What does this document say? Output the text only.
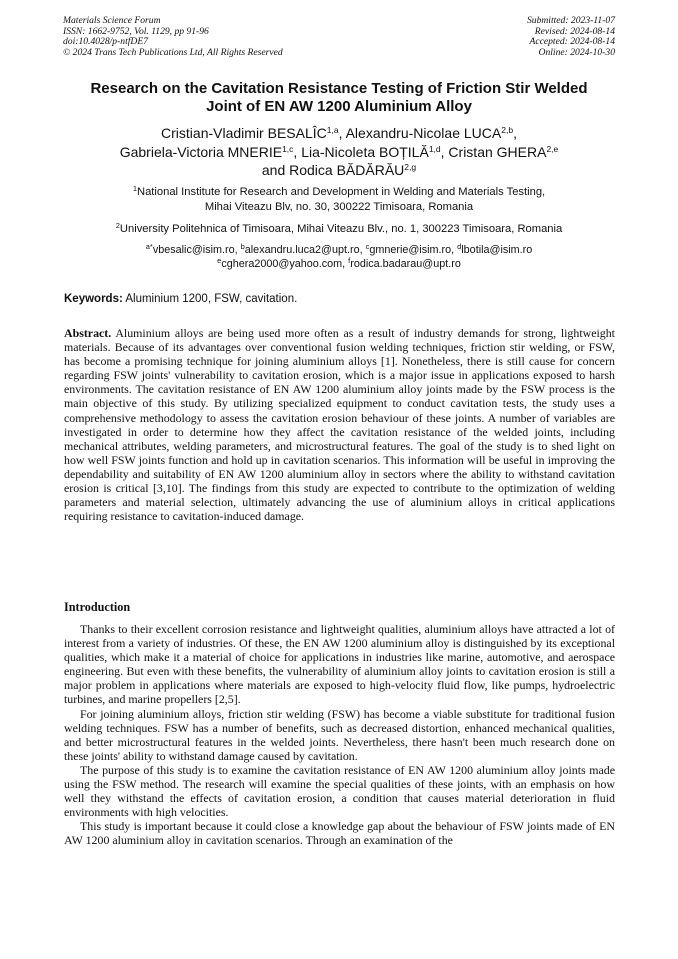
Materials Science Forum
ISSN: 1662-9752, Vol. 1129, pp 91-96
doi:10.4028/p-ntfDE7
© 2024 Trans Tech Publications Ltd, All Rights Reserved
Submitted: 2023-11-07
Revised: 2024-08-14
Accepted: 2024-08-14
Online: 2024-10-30
Research on the Cavitation Resistance Testing of Friction Stir Welded
Joint of EN AW 1200 Aluminium Alloy
Cristian-Vladimir BESALÎC$^{1,a}$, Alexandru-Nicolae LUCA$^{2,b}$,
Gabriela-Victoria MNERIE$^{1,c}$, Lia-Nicoleta BOȚILĂ$^{1,d}$, Cristan GHERA$^{2,e}$
and Rodica BĂDĂRĂU$^{2,g}$
$^1$National Institute for Research and Development in Welding and Materials Testing,
Mihai Viteazu Blv, no. 30, 300222 Timisoara, Romania
$^2$University Politehnica of Timisoara, Mihai Viteazu Blv., no. 1, 300223 Timisoara, Romania
$^{a*}$vbesalic@isim.ro, $^b$alexandru.luca2@upt.ro, $^c$gmnerie@isim.ro, $^d$lbotila@isim.ro
$^e$cghera2000@yahoo.com, $^f$rodica.badarau@upt.ro
Keywords: Aluminium 1200, FSW, cavitation.
Abstract. Aluminium alloys are being used more often as a result of industry demands for strong, lightweight materials. Because of its advantages over conventional fusion welding techniques, friction stir welding, or FSW, has become a promising technique for joining aluminium alloys [1]. Nonetheless, there is still cause for concern regarding FSW joints' vulnerability to cavitation erosion, which is a major issue in applications exposed to harsh environments. The cavitation resistance of EN AW 1200 aluminium alloy joints made by the FSW process is the main objective of this study. By utilizing specialized equipment to conduct cavitation tests, the study uses a comprehensive methodology to assess the cavitation erosion behaviour of these joints. A number of variables are investigated in order to determine how they affect the cavitation resistance of the welded joints, including mechanical attributes, welding parameters, and microstructural features. The goal of the study is to shed light on how well FSW joints function and hold up in cavitation scenarios. This information will be useful in improving the dependability and suitability of EN AW 1200 aluminium alloy in sectors where the ability to withstand cavitation erosion is critical [3,10]. The findings from this study are expected to contribute to the optimization of welding parameters and material selection, ultimately advancing the use of aluminium alloys in critical applications requiring resistance to cavitation-induced damage.
Introduction

Thanks to their excellent corrosion resistance and lightweight qualities, aluminium alloys have attracted a lot of interest from a variety of industries. Of these, the EN AW 1200 aluminium alloy is distinguished by its exceptional qualities, which make it a material of choice for applications in industries like marine, automotive, and aerospace engineering. But even with these benefits, the vulnerability of aluminium alloy joints to cavitation erosion is still a major problem in applications where materials are exposed to high-velocity fluid flow, like pumps, hydroelectric turbines, and marine propellers [2,5].

For joining aluminium alloys, friction stir welding (FSW) has become a viable substitute for traditional fusion welding techniques. FSW has a number of benefits, such as decreased distortion, enhanced mechanical qualities, and better microstructural features in the welded joints. Nevertheless, there hasn't been much research done on these joints' ability to withstand damage caused by cavitation.

The purpose of this study is to examine the cavitation resistance of EN AW 1200 aluminium alloy joints made using the FSW method. The research will examine the special qualities of these joints, with an emphasis on how well they withstand the effects of cavitation erosion, a condition that causes material deterioration in fluid environments with high velocities.

This study is important because it could close a knowledge gap about the behaviour of FSW joints made of EN AW 1200 aluminium alloy in cavitation scenarios. Through an examination of the
